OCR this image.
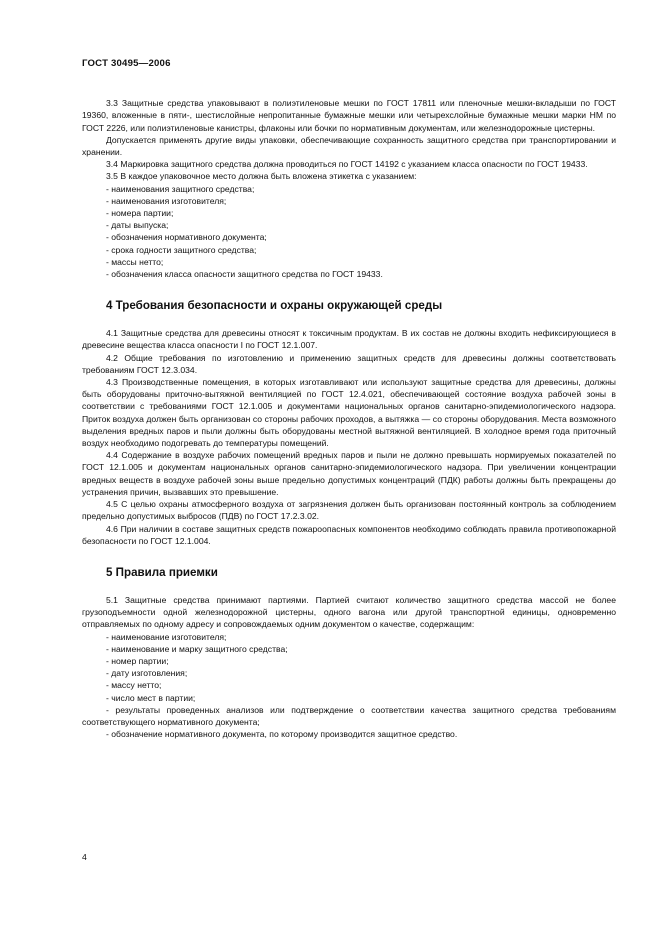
ГОСТ 30495—2006

3.3 Защитные средства упаковывают в полиэтиленовые мешки по ГОСТ 17811 или пленочные мешки-вкладыши по ГОСТ 19360, вложенные в пяти-, шестислойные непропитанные бумажные мешки или четырехслойные бумажные мешки марки НМ по ГОСТ 2226, или полиэтиленовые канистры, флаконы или бочки по нормативным документам, или железнодорожные цистерны.

Допускается применять другие виды упаковки, обеспечивающие сохранность защитного средства при транспортировании и хранении.

3.4 Маркировка защитного средства должна проводиться по ГОСТ 14192 с указанием класса опасности по ГОСТ 19433.

3.5 В каждое упаковочное место должна быть вложена этикетка с указанием:

- наименования защитного средства;

- наименования изготовителя;

- номера партии;

- даты выпуска;

- обозначения нормативного документа;

- срока годности защитного средства;

- массы нетто;

- обозначения класса опасности защитного средства по ГОСТ 19433.

4 Требования безопасности и охраны окружающей среды

4.1 Защитные средства для древесины относят к токсичным продуктам. В их состав не должны входить нефиксирующиеся в древесине вещества класса опасности I по ГОСТ 12.1.007.

4.2 Общие требования по изготовлению и применению защитных средств для древесины должны соответствовать требованиям ГОСТ 12.3.034.

4.3 Производственные помещения, в которых изготавливают или используют защитные средства для древесины, должны быть оборудованы приточно-вытяжной вентиляцией по ГОСТ 12.4.021, обеспечивающей состояние воздуха рабочей зоны в соответствии с требованиями ГОСТ 12.1.005 и документами национальных органов санитарно-эпидемиологического надзора. Приток воздуха должен быть организован со стороны рабочих проходов, а вытяжка — со стороны оборудования. Места возможного выделения вредных паров и пыли должны быть оборудованы местной вытяжной вентиляцией. В холодное время года приточный воздух необходимо подогревать до температуры помещений.

4.4 Содержание в воздухе рабочих помещений вредных паров и пыли не должно превышать нормируемых показателей по ГОСТ 12.1.005 и документам национальных органов санитарно-эпидемиологического надзора. При увеличении концентрации вредных веществ в воздухе рабочей зоны выше предельно допустимых концентраций (ПДК) работы должны быть прекращены до устранения причин, вызвавших это превышение.

4.5 С целью охраны атмосферного воздуха от загрязнения должен быть организован постоянный контроль за соблюдением предельно допустимых выбросов (ПДВ) по ГОСТ 17.2.3.02.

4.6 При наличии в составе защитных средств пожароопасных компонентов необходимо соблюдать правила противопожарной безопасности по ГОСТ 12.1.004.

5 Правила приемки

5.1 Защитные средства принимают партиями. Партией считают количество защитного средства массой не более грузоподъемности одной железнодорожной цистерны, одного вагона или другой транспортной единицы, одновременно отправляемых по одному адресу и сопровождаемых одним документом о качестве, содержащим:

- наименование изготовителя;

- наименование и марку защитного средства;

- номер партии;

- дату изготовления;

- массу нетто;

- число мест в партии;

- результаты проведенных анализов или подтверждение о соответствии качества защитного средства требованиям соответствующего нормативного документа;

- обозначение нормативного документа, по которому производится защитное средство.

4
